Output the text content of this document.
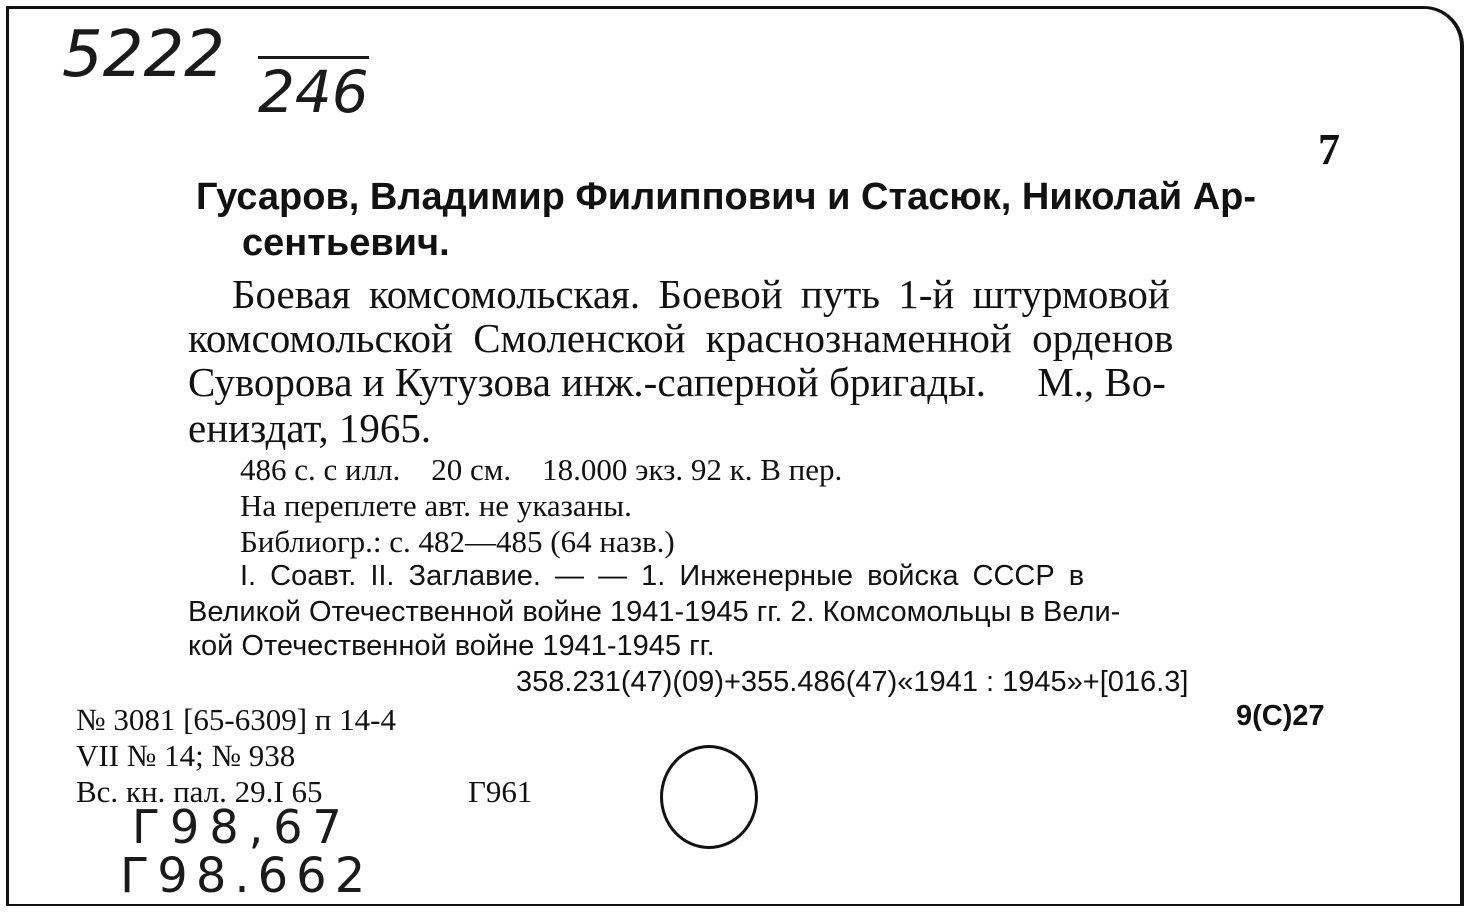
5222 246
7
Гусаров, Владимир Филиппович и Стасюк, Николай Ар-
сентьевич.
Боевая комсомольская. Боевой путь 1-й штурмовой
комсомольской Смоленской краснознаменной орденов
Суворова и Кутузова инж.-саперной бригады.     М., Во-
ениздат, 1965.
486 с. с илл.    20 см.    18.000 экз. 92 к. В пер.
На переплете авт. не указаны.
Библиогр.: с. 482—485 (64 назв.)
I. Соавт. II. Заглавие. — — 1. Инженерные войска СССР в
Великой Отечественной войне 1941-1945 гг. 2. Комсомольцы в Вели-
кой Отечественной войне 1941-1945 гг.
358.231(47)(09)+355.486(47)«1941 : 1945»+[016.3]
9(С)27
№ 3081 [65-6309] п 14-4
VII № 14; № 938
Вс. кн. пал. 29.I 65	Г961
Г98,67
Г98.662
